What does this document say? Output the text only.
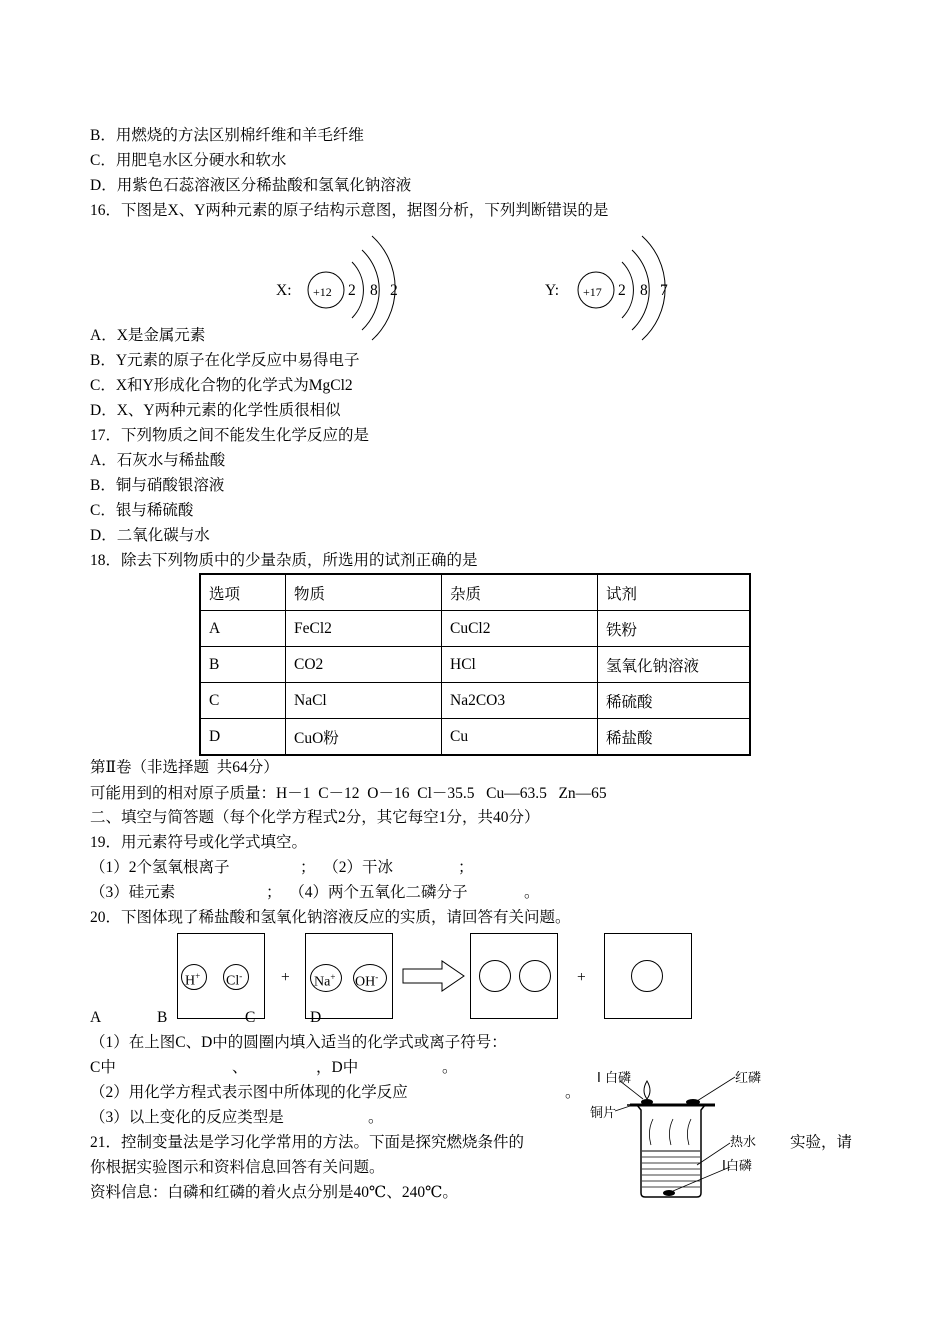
B．用燃烧的方法区别棉纤维和羊毛纤维
C．用肥皂水区分硬水和软水
D．用紫色石蕊溶液区分稀盐酸和氢氧化钠溶液
16．下图是X、Y两种元素的原子结构示意图，据图分析，下列判断错误的是
X: +12 2 8 2	Y: +17 2 8 7
A．X是金属元素
B．Y元素的原子在化学反应中易得电子
C．X和Y形成化合物的化学式为MgCl2
D．X、Y两种元素的化学性质很相似
17．下列物质之间不能发生化学反应的是
A．石灰水与稀盐酸
B．铜与硝酸银溶液
C．银与稀硫酸
D．二氧化碳与水
18．除去下列物质中的少量杂质，所选用的试剂正确的是
选项	物质	杂质	试剂
A	FeCl2	CuCl2	铁粉
B	CO2	HCl	氢氧化钠溶液
C	NaCl	Na2CO3	稀硫酸
D	CuO粉	Cu	稀盐酸
第Ⅱ卷（非选择题  共64分）
可能用到的相对原子质量：H－1  C－12  O－16  Cl－35.5   Cu—63.5   Zn—65
二、填空与简答题（每个化学方程式2分，其它每空1分，共40分）
19．用元素符号或化学式填空。
（1）2个氢氧根离子	；  （2）干冰	；
（3）硅元素	；  （4）两个五氧化二磷分子	。
20．下图体现了稀盐酸和氢氧化钠溶液反应的实质，请回答有关问题。
H+ Cl-	+ Na+ OH-	+
A	B	C	D
（1）在上图C、D中的圆圈内填入适当的化学式或离子符号：
C中	、	，D中	。
（2）用化学方程式表示图中所体现的化学反应	。
（3）以上变化的反应类型是	。
21．控制变量法是学习化学常用的方法。下面是探究燃烧条件的	实验，请
你根据实验图示和资料信息回答有关问题。
资料信息：白磷和红磷的着火点分别是40℃、240℃。
Ⅰ 白磷	红磷
铜片
热水
Ⅰ白磷
